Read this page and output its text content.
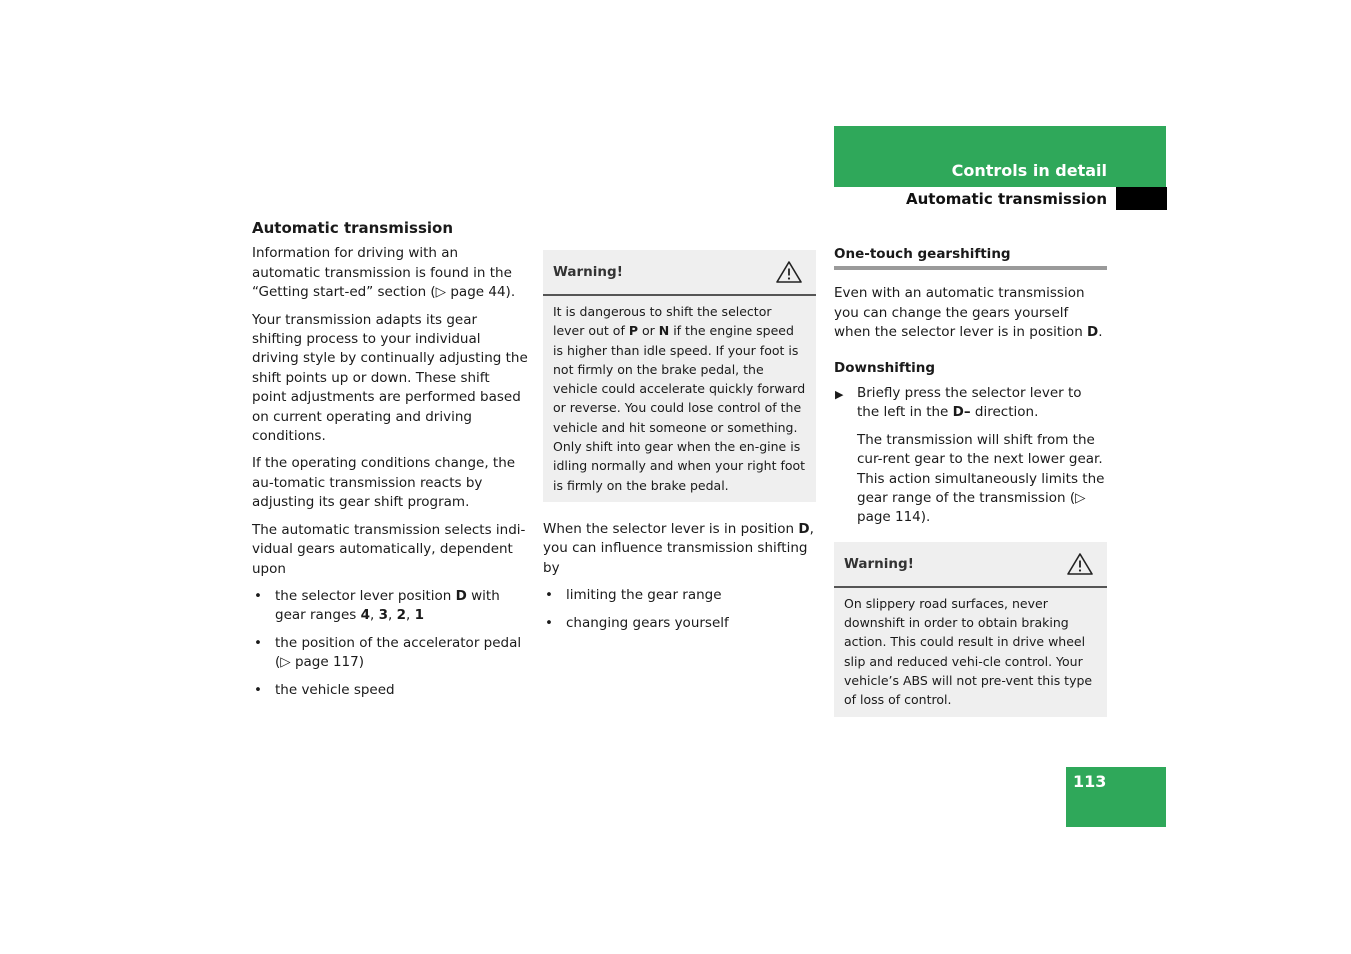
Controls in detail
Automatic transmission
Automatic transmission

Information for driving with an automatic transmission is found in the “Getting start-ed” section (▷ page 44).

Your transmission adapts its gear shifting process to your individual driving style by continually adjusting the shift points up or down. These shift point adjustments are performed based on current operating and driving conditions.

If the operating conditions change, the au-tomatic transmission reacts by adjusting its gear shift program.

The automatic transmission selects indi-vidual gears automatically, dependent upon

• the selector lever position D with gear ranges 4, 3, 2, 1
• the position of the accelerator pedal (▷ page 117)
• the vehicle speed
Warning!
It is dangerous to shift the selector lever out of P or N if the engine speed is higher than idle speed. If your foot is not firmly on the brake pedal, the vehicle could accelerate quickly forward or reverse. You could lose control of the vehicle and hit someone or something. Only shift into gear when the en-gine is idling normally and when your right foot is firmly on the brake pedal.

When the selector lever is in position D, you can influence transmission shifting by

• limiting the gear range
• changing gears yourself
One-touch gearshifting

Even with an automatic transmission you can change the gears yourself when the selector lever is in position D.

Downshifting
▶ Briefly press the selector lever to the left in the D– direction.
The transmission will shift from the cur-rent gear to the next lower gear. This action simultaneously limits the gear range of the transmission (▷ page 114).
Warning!
On slippery road surfaces, never downshift in order to obtain braking action. This could result in drive wheel slip and reduced vehi-cle control. Your vehicle’s ABS will not pre-vent this type of loss of control.
113
